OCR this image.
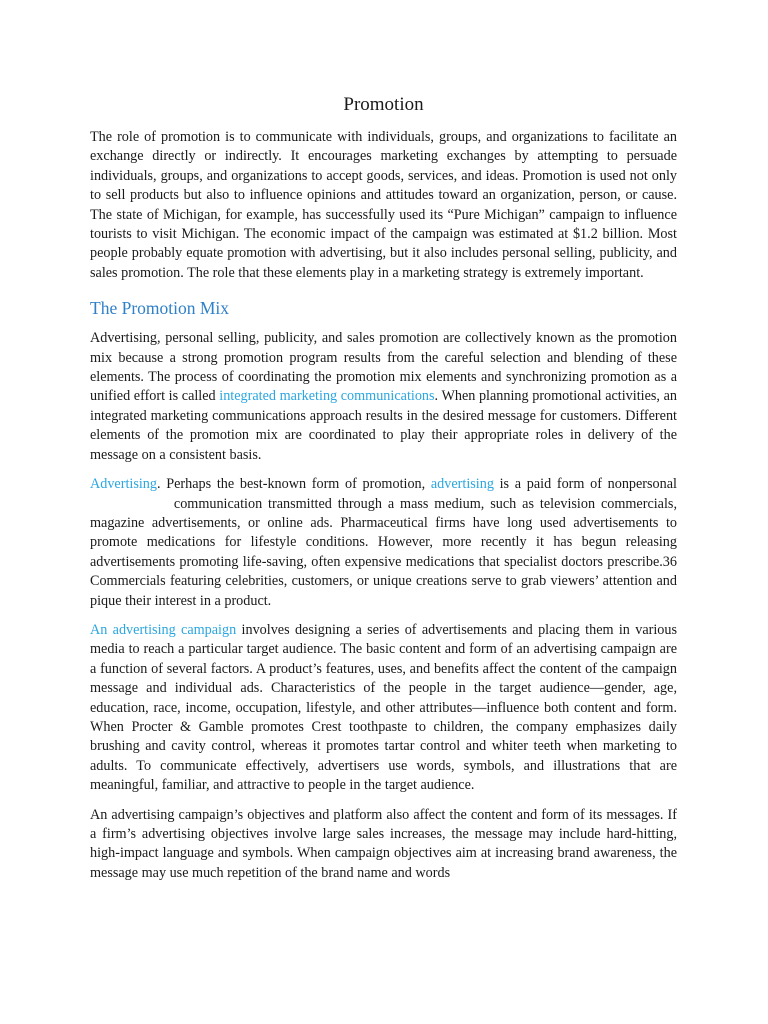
Promotion

The role of promotion is to communicate with individuals, groups, and organizations to facilitate an exchange directly or indirectly. It encourages marketing exchanges by attempting to persuade individuals, groups, and organizations to accept goods, services, and ideas. Promotion is used not only to sell products but also to influence opinions and attitudes toward an organization, person, or cause. The state of Michigan, for example, has successfully used its “Pure Michigan” campaign to influence tourists to visit Michigan. The economic impact of the campaign was estimated at $1.2 billion. Most people probably equate promotion with advertising, but it also includes personal selling, publicity, and sales promotion. The role that these elements play in a marketing strategy is extremely important.

The Promotion Mix

Advertising, personal selling, publicity, and sales promotion are collectively known as the promotion mix because a strong promotion program results from the careful selection and blending of these elements. The process of coordinating the promotion mix elements and synchronizing promotion as a unified effort is called integrated marketing communications. When planning promotional activities, an integrated marketing communications approach results in the desired message for customers. Different elements of the promotion mix are coordinated to play their appropriate roles in delivery of the message on a consistent basis.

Advertising. Perhaps the best-known form of promotion, advertising is a paid form of nonpersonal communication transmitted through a mass medium, such as television commercials, magazine advertisements, or online ads. Pharmaceutical firms have long used advertisements to promote medications for lifestyle conditions. However, more recently it has begun releasing advertisements promoting life-saving, often expensive medications that specialist doctors prescribe.36 Commercials featuring celebrities, customers, or unique creations serve to grab viewers’ attention and pique their interest in a product.

An advertising campaign involves designing a series of advertisements and placing them in various media to reach a particular target audience. The basic content and form of an advertising campaign are a function of several factors. A product’s features, uses, and benefits affect the content of the campaign message and individual ads. Characteristics of the people in the target audience—gender, age, education, race, income, occupation, lifestyle, and other attributes—influence both content and form. When Procter & Gamble promotes Crest toothpaste to children, the company emphasizes daily brushing and cavity control, whereas it promotes tartar control and whiter teeth when marketing to adults. To communicate effectively, advertisers use words, symbols, and illustrations that are meaningful, familiar, and attractive to people in the target audience.

An advertising campaign’s objectives and platform also affect the content and form of its messages. If a firm’s advertising objectives involve large sales increases, the message may include hard-hitting, high-impact language and symbols. When campaign objectives aim at increasing brand awareness, the message may use much repetition of the brand name and words
